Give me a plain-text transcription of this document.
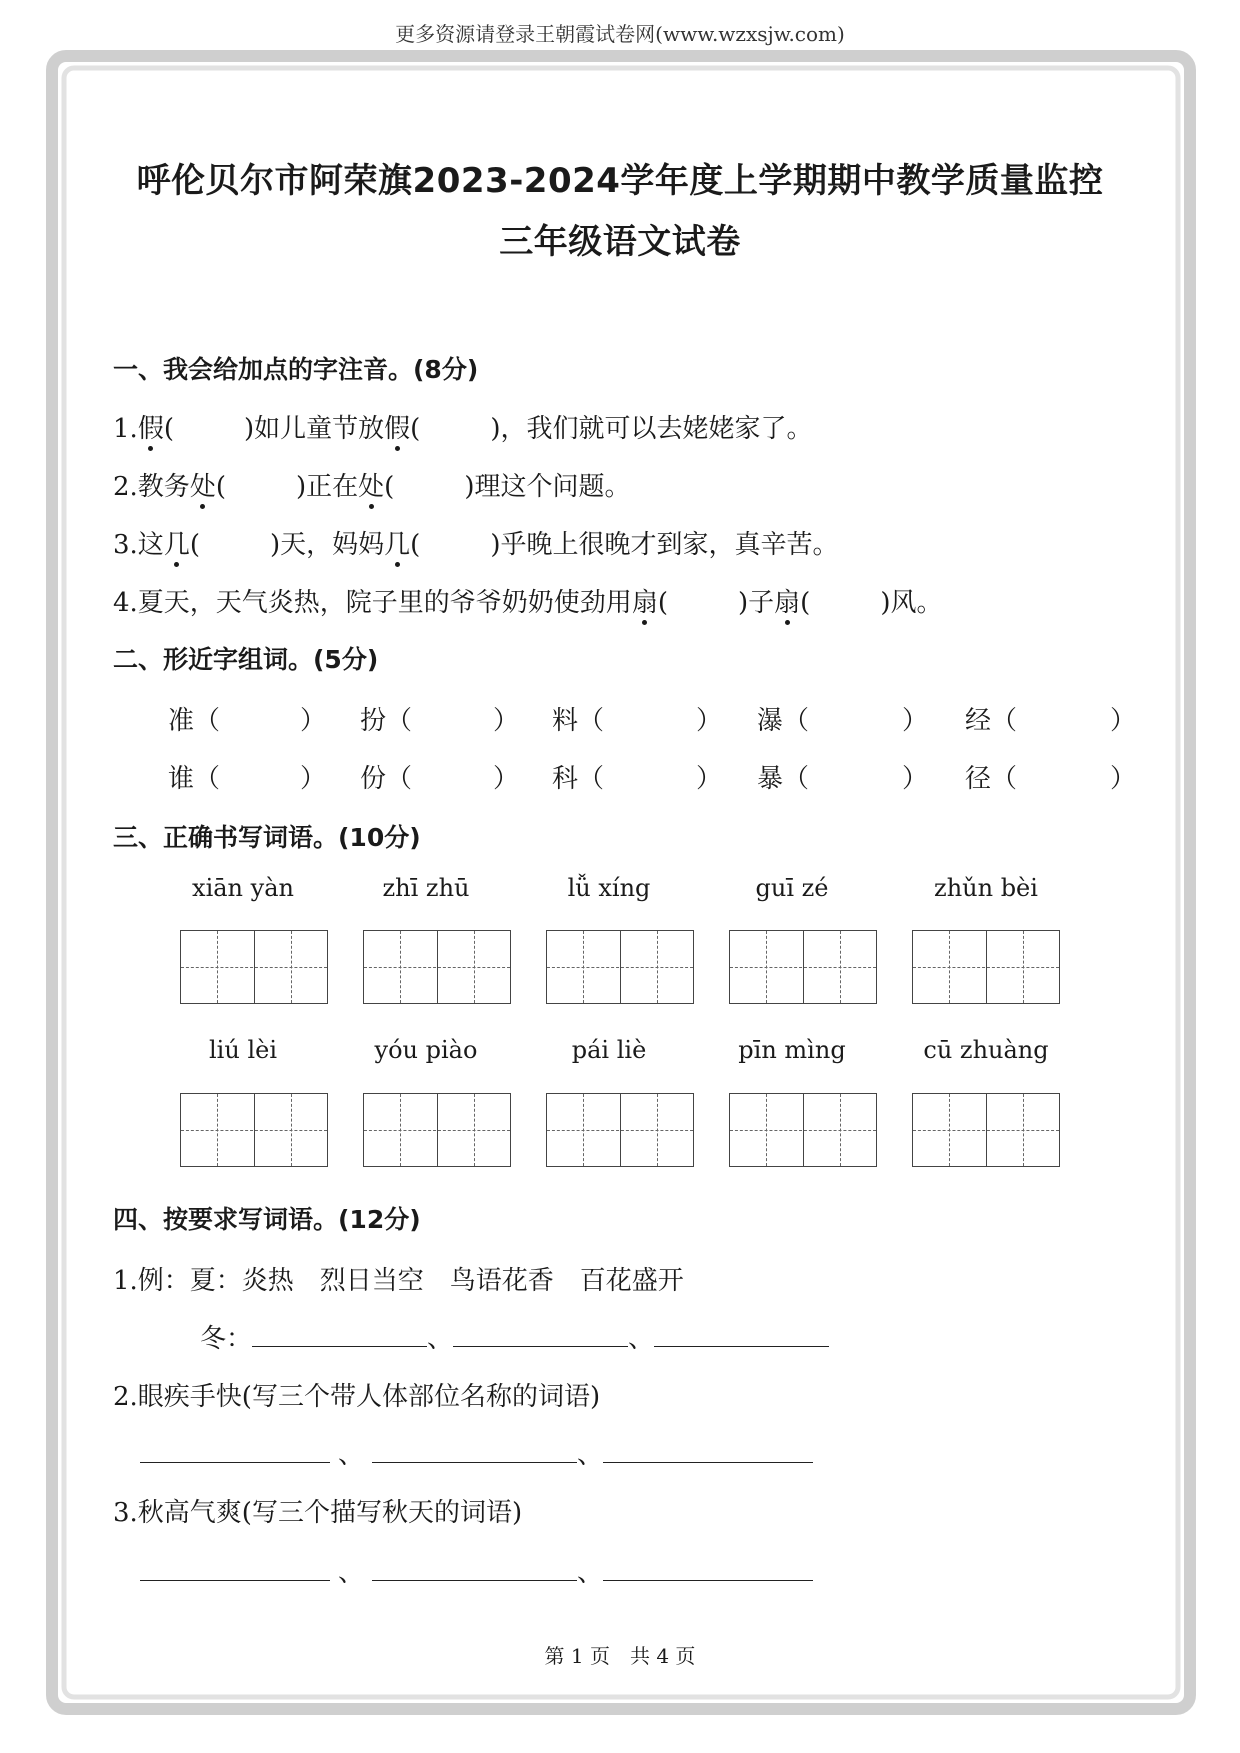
更多资源请登录王朝霞试卷网(www.wzxsjw.com)
呼伦贝尔市阿荣旗2023-2024学年度上学期期中教学质量监控
三年级语文试卷
一、我会给加点的字注音。(8分)
1.假(	)如儿童节放假(	)，我们就可以去姥姥家了。
2.教务处(	)正在处(	)理这个问题。
3.这几(	)天，妈妈几(	)乎晚上很晚才到家，真辛苦。
4.夏天，天气炎热，院子里的爷爷奶奶使劲用扇(	)子扇(	)风。
二、形近字组词。(5分)
准（	） 扮（	） 料（	） 瀑（	） 经（	）
谁（	） 份（	） 科（	） 暴（	） 径（	）
三、正确书写词语。(10分)
xiān yàn	zhī zhū	lǚ xíng	guī zé	zhǔn bèi
liú lèi	yóu piào	pái liè	pīn mìng	cū zhuàng
四、按要求写词语。(12分)
1.例：夏：炎热　烈日当空　鸟语花香　百花盛开
冬：	、	、
2.眼疾手快(写三个带人体部位名称的词语)
、	、
3.秋高气爽(写三个描写秋天的词语)
、	、
第 1 页　共 4 页
